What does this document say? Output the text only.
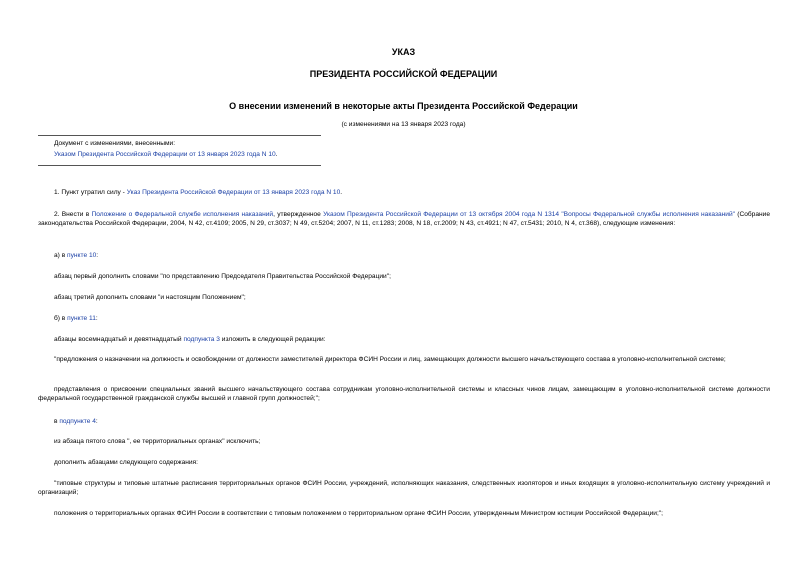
УКАЗ
ПРЕЗИДЕНТА РОССИЙСКОЙ ФЕДЕРАЦИИ
О внесении изменений в некоторые акты Президента Российской Федерации
(с изменениями на 13 января 2023 года)
Документ с изменениями, внесенными:
Указом Президента Российской Федерации от 13 января 2023 года N 10.
1. Пункт утратил силу - Указ Президента Российской Федерации от 13 января 2023 года N 10.
2. Внести в Положение о Федеральной службе исполнения наказаний, утвержденное Указом Президента Российской Федерации от 13 октября 2004 года N 1314 "Вопросы Федеральной службы исполнения наказаний" (Собрание законодательства Российской Федерации, 2004, N 42, ст.4109; 2005, N 29, ст.3037; N 49, ст.5204; 2007, N 11, ст.1283; 2008, N 18, ст.2009; N 43, ст.4921; N 47, ст.5431; 2010, N 4, ст.368), следующие изменения:
а) в пункте 10:
абзац первый дополнить словами "по представлению Председателя Правительства Российской Федерации";
абзац третий дополнить словами "и настоящим Положением";
б) в пункте 11:
абзацы восемнадцатый и девятнадцатый подпункта 3 изложить в следующей редакции:
"предложения о назначении на должность и освобождении от должности заместителей директора ФСИН России и лиц, замещающих должности высшего начальствующего состава в уголовно-исполнительной системе;
представления о присвоении специальных званий высшего начальствующего состава сотрудникам уголовно-исполнительной системы и классных чинов лицам, замещающим в уголовно-исполнительной системе должности федеральной государственной гражданской службы высшей и главной групп должностей;";
в подпункте 4:
из абзаца пятого слова ", ее территориальных органах" исключить;
дополнить абзацами следующего содержания:
"типовые структуры и типовые штатные расписания территориальных органов ФСИН России, учреждений, исполняющих наказания, следственных изоляторов и иных входящих в уголовно-исполнительную систему учреждений и организаций;
положения о территориальных органах ФСИН России в соответствии с типовым положением о территориальном органе ФСИН России, утвержденным Министром юстиции Российской Федерации;";
